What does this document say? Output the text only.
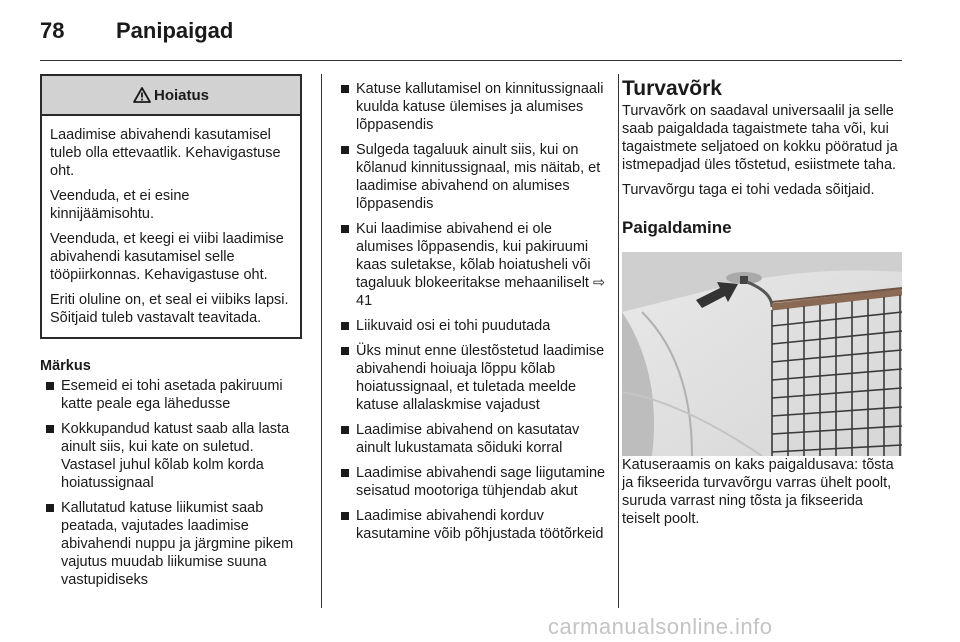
78 Panipaigad
Hoiatus

Laadimise abivahendi kasutamisel tuleb olla ettevaatlik. Kehavigastuse oht.

Veenduda, et ei esine kinnijäämisohtu.

Veenduda, et keegi ei viibi laadimise abivahendi kasutamisel selle tööpiirkonnas. Kehavigastuse oht.

Eriti oluline on, et seal ei viibiks lapsi. Sõitjaid tuleb vastavalt teavitada.

Märkus
Esemeid ei tohi asetada pakiruumi katte peale ega lähedusse
Kokkupandud katust saab alla lasta ainult siis, kui kate on suletud. Vastasel juhul kõlab kolm korda hoiatussignaal
Kallutatud katuse liikumist saab peatada, vajutades laadimise abivahendi nuppu ja järgmine pikem vajutus muudab liikumise suuna vastupidiseks
Katuse kallutamisel on kinnitussignaali kuulda katuse ülemises ja alumises lõppasendis
Sulgeda tagaluuk ainult siis, kui on kõlanud kinnitussignaal, mis näitab, et laadimise abivahend on alumises lõppasendis
Kui laadimise abivahend ei ole alumises lõppasendis, kui pakiruumi kaas suletakse, kõlab hoiatusheli või tagaluuk blokeeritakse mehaaniliselt ⇨ 41
Liikuvaid osi ei tohi puudutada
Üks minut enne ülestõstetud laadimise abivahendi hoiuaja lõppu kõlab hoiatussignaal, et tuletada meelde katuse allalaskmise vajadust
Laadimise abivahend on kasutatav ainult lukustamata sõiduki korral
Laadimise abivahendi sage liigutamine seisatud mootoriga tühjendab akut
Laadimise abivahendi korduv kasutamine võib põhjustada töötõrkeid
Turvavõrk

Turvavõrk on saadaval universaalil ja selle saab paigaldada tagaistmete taha või, kui tagaistmete seljatoed on kokku pööratud ja istmepadjad üles tõstetud, esiistmete taha.

Turvavõrgu taga ei tohi vedada sõitjaid.

Paigaldamine

Katuseraamis on kaks paigaldusava: tõsta ja fikseerida turvavõrgu varras ühelt poolt, suruda varrast ning tõsta ja fikseerida teiselt poolt.

carmanualsonline.info
